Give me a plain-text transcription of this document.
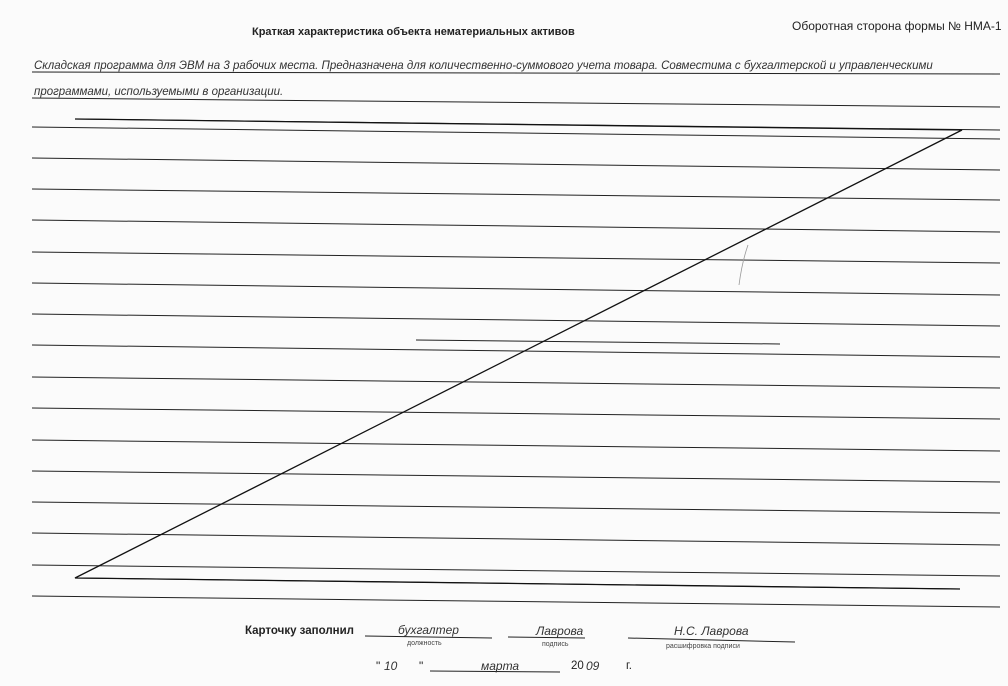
Краткая характеристика объекта нематериальных активов	Оборотная сторона формы № НМА-1
Складская программа для ЭВМ на 3 рабочих места. Предназначена для количественно-суммового учета товара. Совместима с бухгалтерской и управленческими
программами, используемыми в организации.
Карточку заполнил	бухгалтер
должность
Лаврова
подпись
Н.С. Лаврова
расшифровка подписи
" 10 "	марта	20 09 г.
